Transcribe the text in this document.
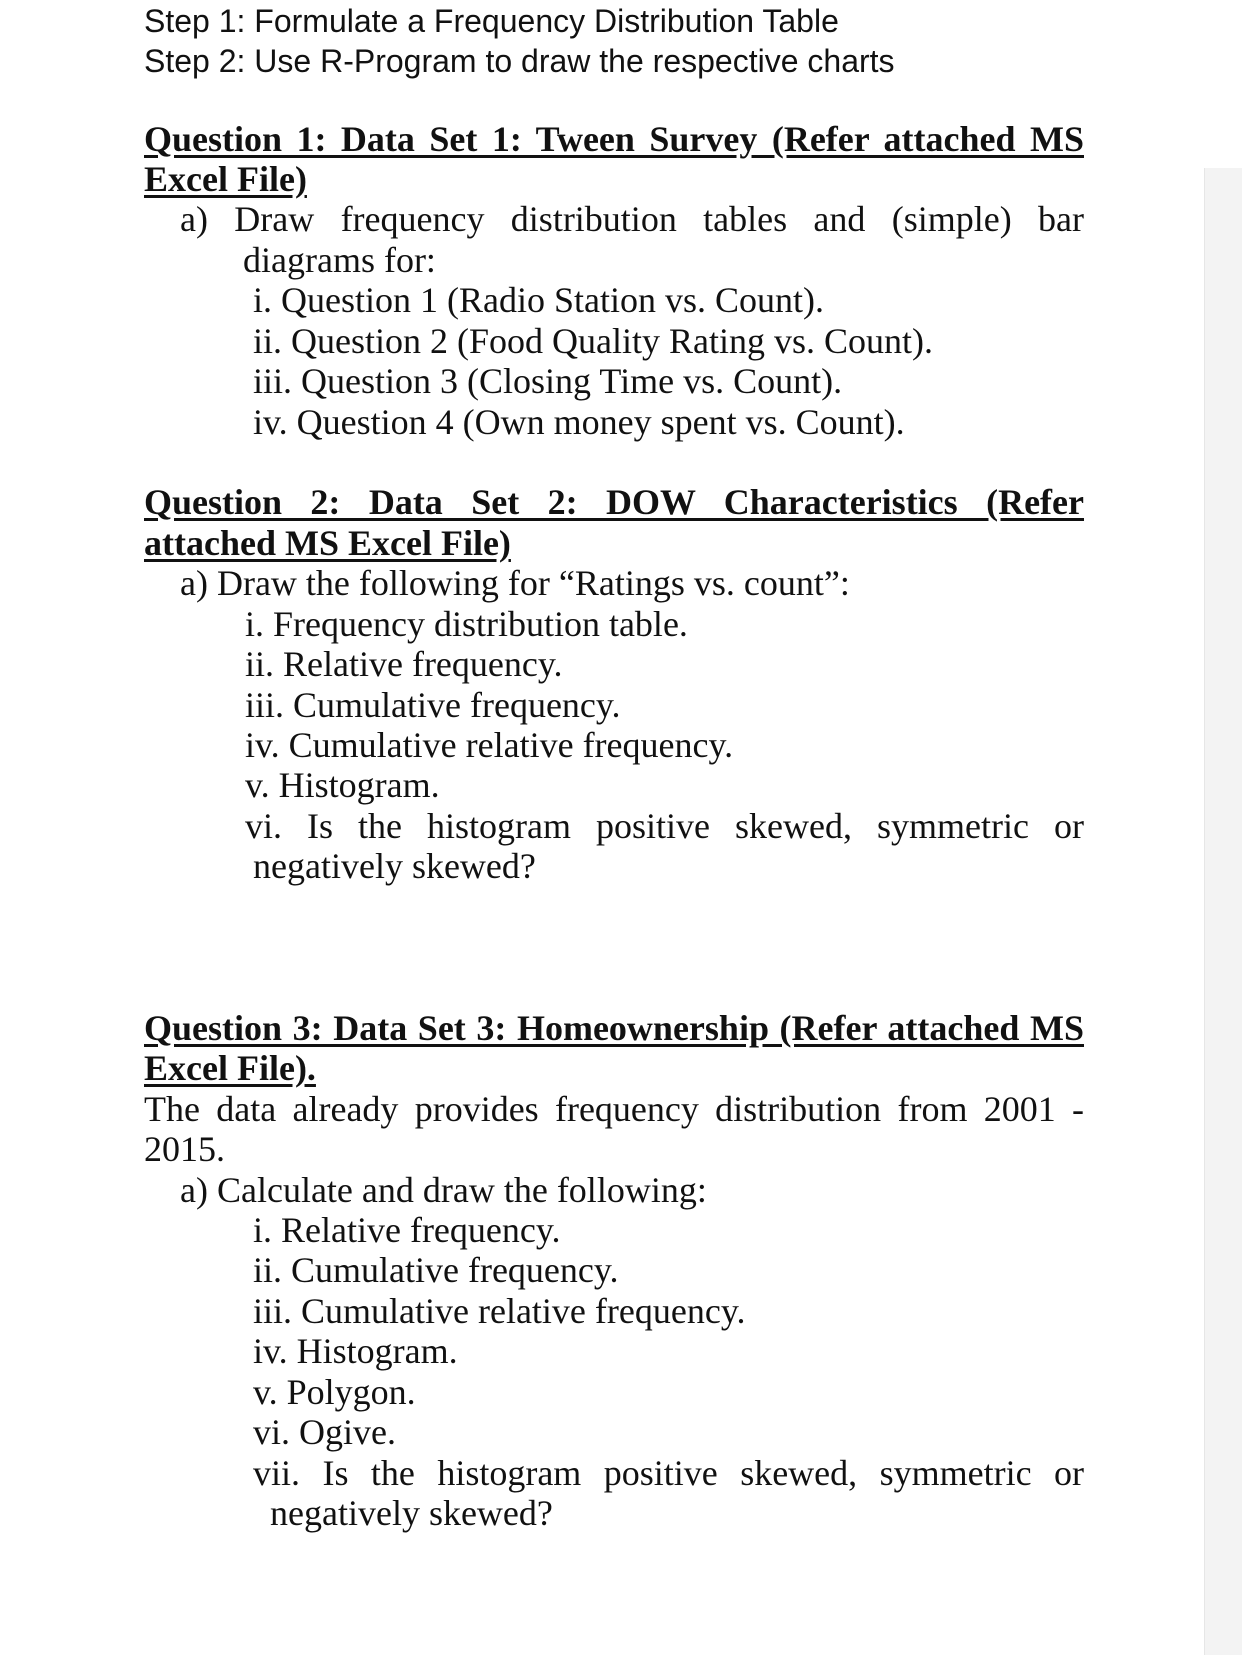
Step 1: Formulate a Frequency Distribution Table
Step 2: Use R-Program to draw the respective charts
Question 1: Data Set 1: Tween Survey (Refer attached MS
Excel File)
a) Draw frequency distribution tables and (simple) bar
diagrams for:
i. Question 1 (Radio Station vs. Count).
ii. Question 2 (Food Quality Rating vs. Count).
iii. Question 3 (Closing Time vs. Count).
iv. Question 4 (Own money spent vs. Count).
Question 2: Data Set 2: DOW Characteristics (Refer
attached MS Excel File)
a) Draw the following for “Ratings vs. count”:
i. Frequency distribution table.
ii. Relative frequency.
iii. Cumulative frequency.
iv. Cumulative relative frequency.
v. Histogram.
vi. Is the histogram positive skewed, symmetric or
negatively skewed?
Question 3: Data Set 3: Homeownership (Refer attached MS
Excel File).
The data already provides frequency distribution from 2001 -
2015.
a) Calculate and draw the following:
i. Relative frequency.
ii. Cumulative frequency.
iii. Cumulative relative frequency.
iv. Histogram.
v. Polygon.
vi. Ogive.
vii. Is the histogram positive skewed, symmetric or
negatively skewed?
